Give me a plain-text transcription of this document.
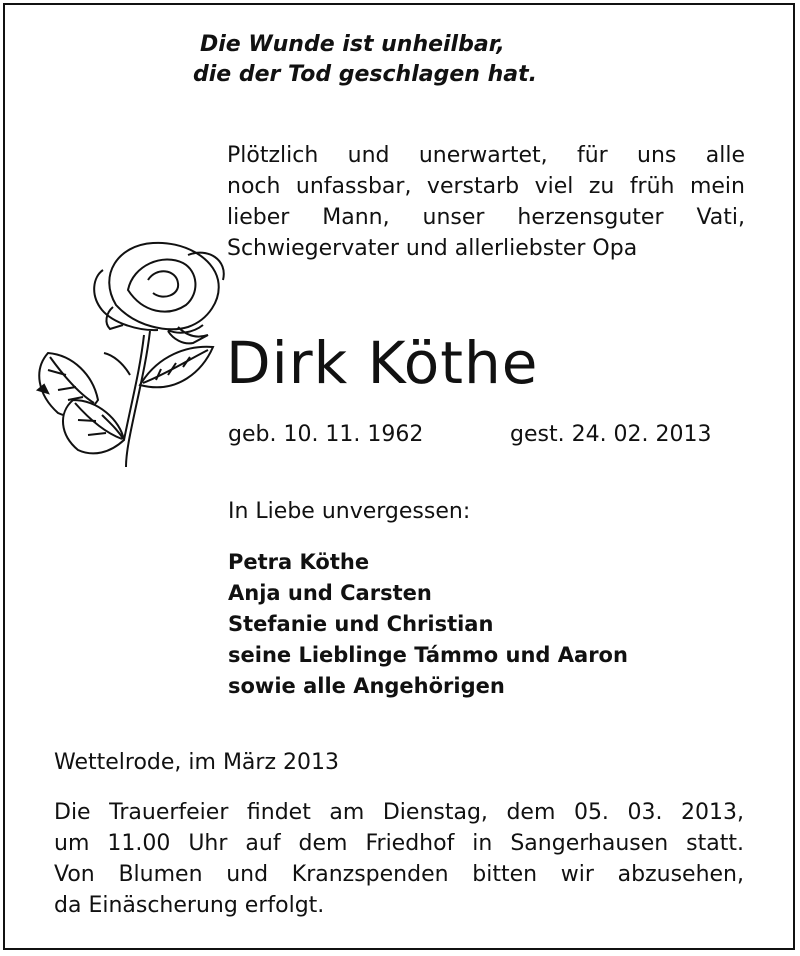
Die Wunde ist unheilbar,
die der Tod geschlagen hat.
Plötzlich und unerwartet, für uns alle
noch unfassbar, verstarb viel zu früh mein
lieber Mann, unser herzensguter Vati,
Schwiegervater und allerliebster Opa
Dirk Köthe
geb. 10. 11. 1962	gest. 24. 02. 2013
In Liebe unvergessen:
Petra Köthe
Anja und Carsten
Stefanie und Christian
seine Lieblinge Támmo und Aaron
sowie alle Angehörigen
Wettelrode, im März 2013
Die Trauerfeier findet am Dienstag, dem 05. 03. 2013,
um 11.00 Uhr auf dem Friedhof in Sangerhausen statt.
Von Blumen und Kranzspenden bitten wir abzusehen,
da Einäscherung erfolgt.
